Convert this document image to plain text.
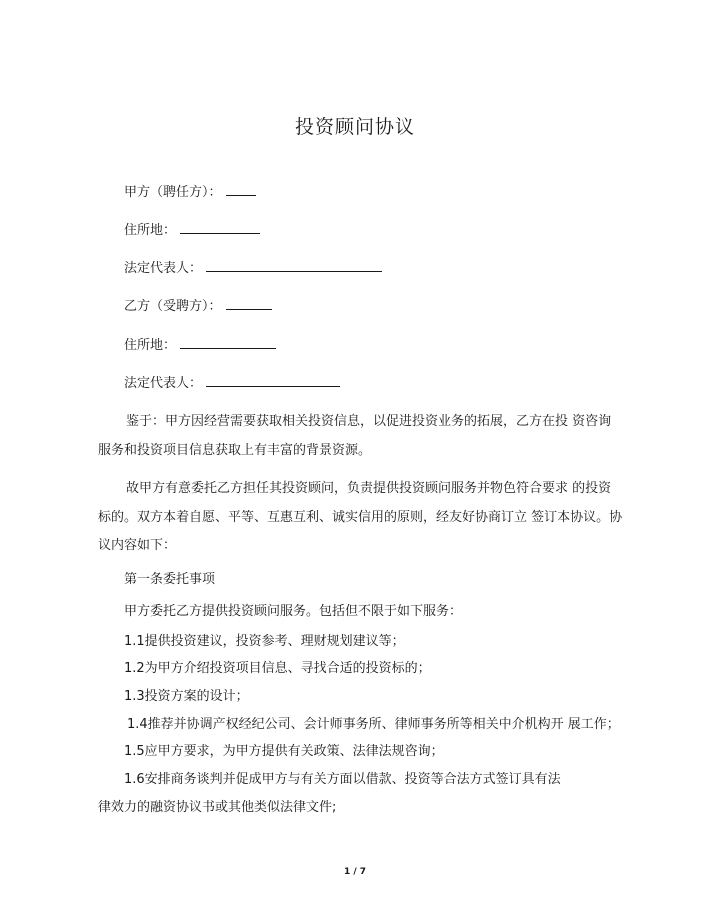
投资顾问协议
甲方（聘任方）：
住所地：
法定代表人：
乙方（受聘方）：
住所地：
法定代表人：
鉴于：甲方因经营需要获取相关投资信息，以促进投资业务的拓展，乙方在投 资咨询
服务和投资项目信息获取上有丰富的背景资源。
故甲方有意委托乙方担任其投资顾问，负责提供投资顾问服务并物色符合要求 的投资
标的。双方本着自愿、平等、互惠互利、诚实信用的原则，经友好协商订立 签订本协议。协
议内容如下：
第一条委托事项
甲方委托乙方提供投资顾问服务。包括但不限于如下服务：
1.1提供投资建议，投资参考、理财规划建议等；
1.2为甲方介绍投资项目信息、寻找合适的投资标的；
1.3投资方案的设计；
1.4推荐并协调产权经纪公司、会计师事务所、律师事务所等相关中介机构开 展工作；
1.5应甲方要求，为甲方提供有关政策、法律法规咨询；
1.6安排商务谈判并促成甲方与有关方面以借款、投资等合法方式签订具有法
律效力的融资协议书或其他类似法律文件;
1 / 7
